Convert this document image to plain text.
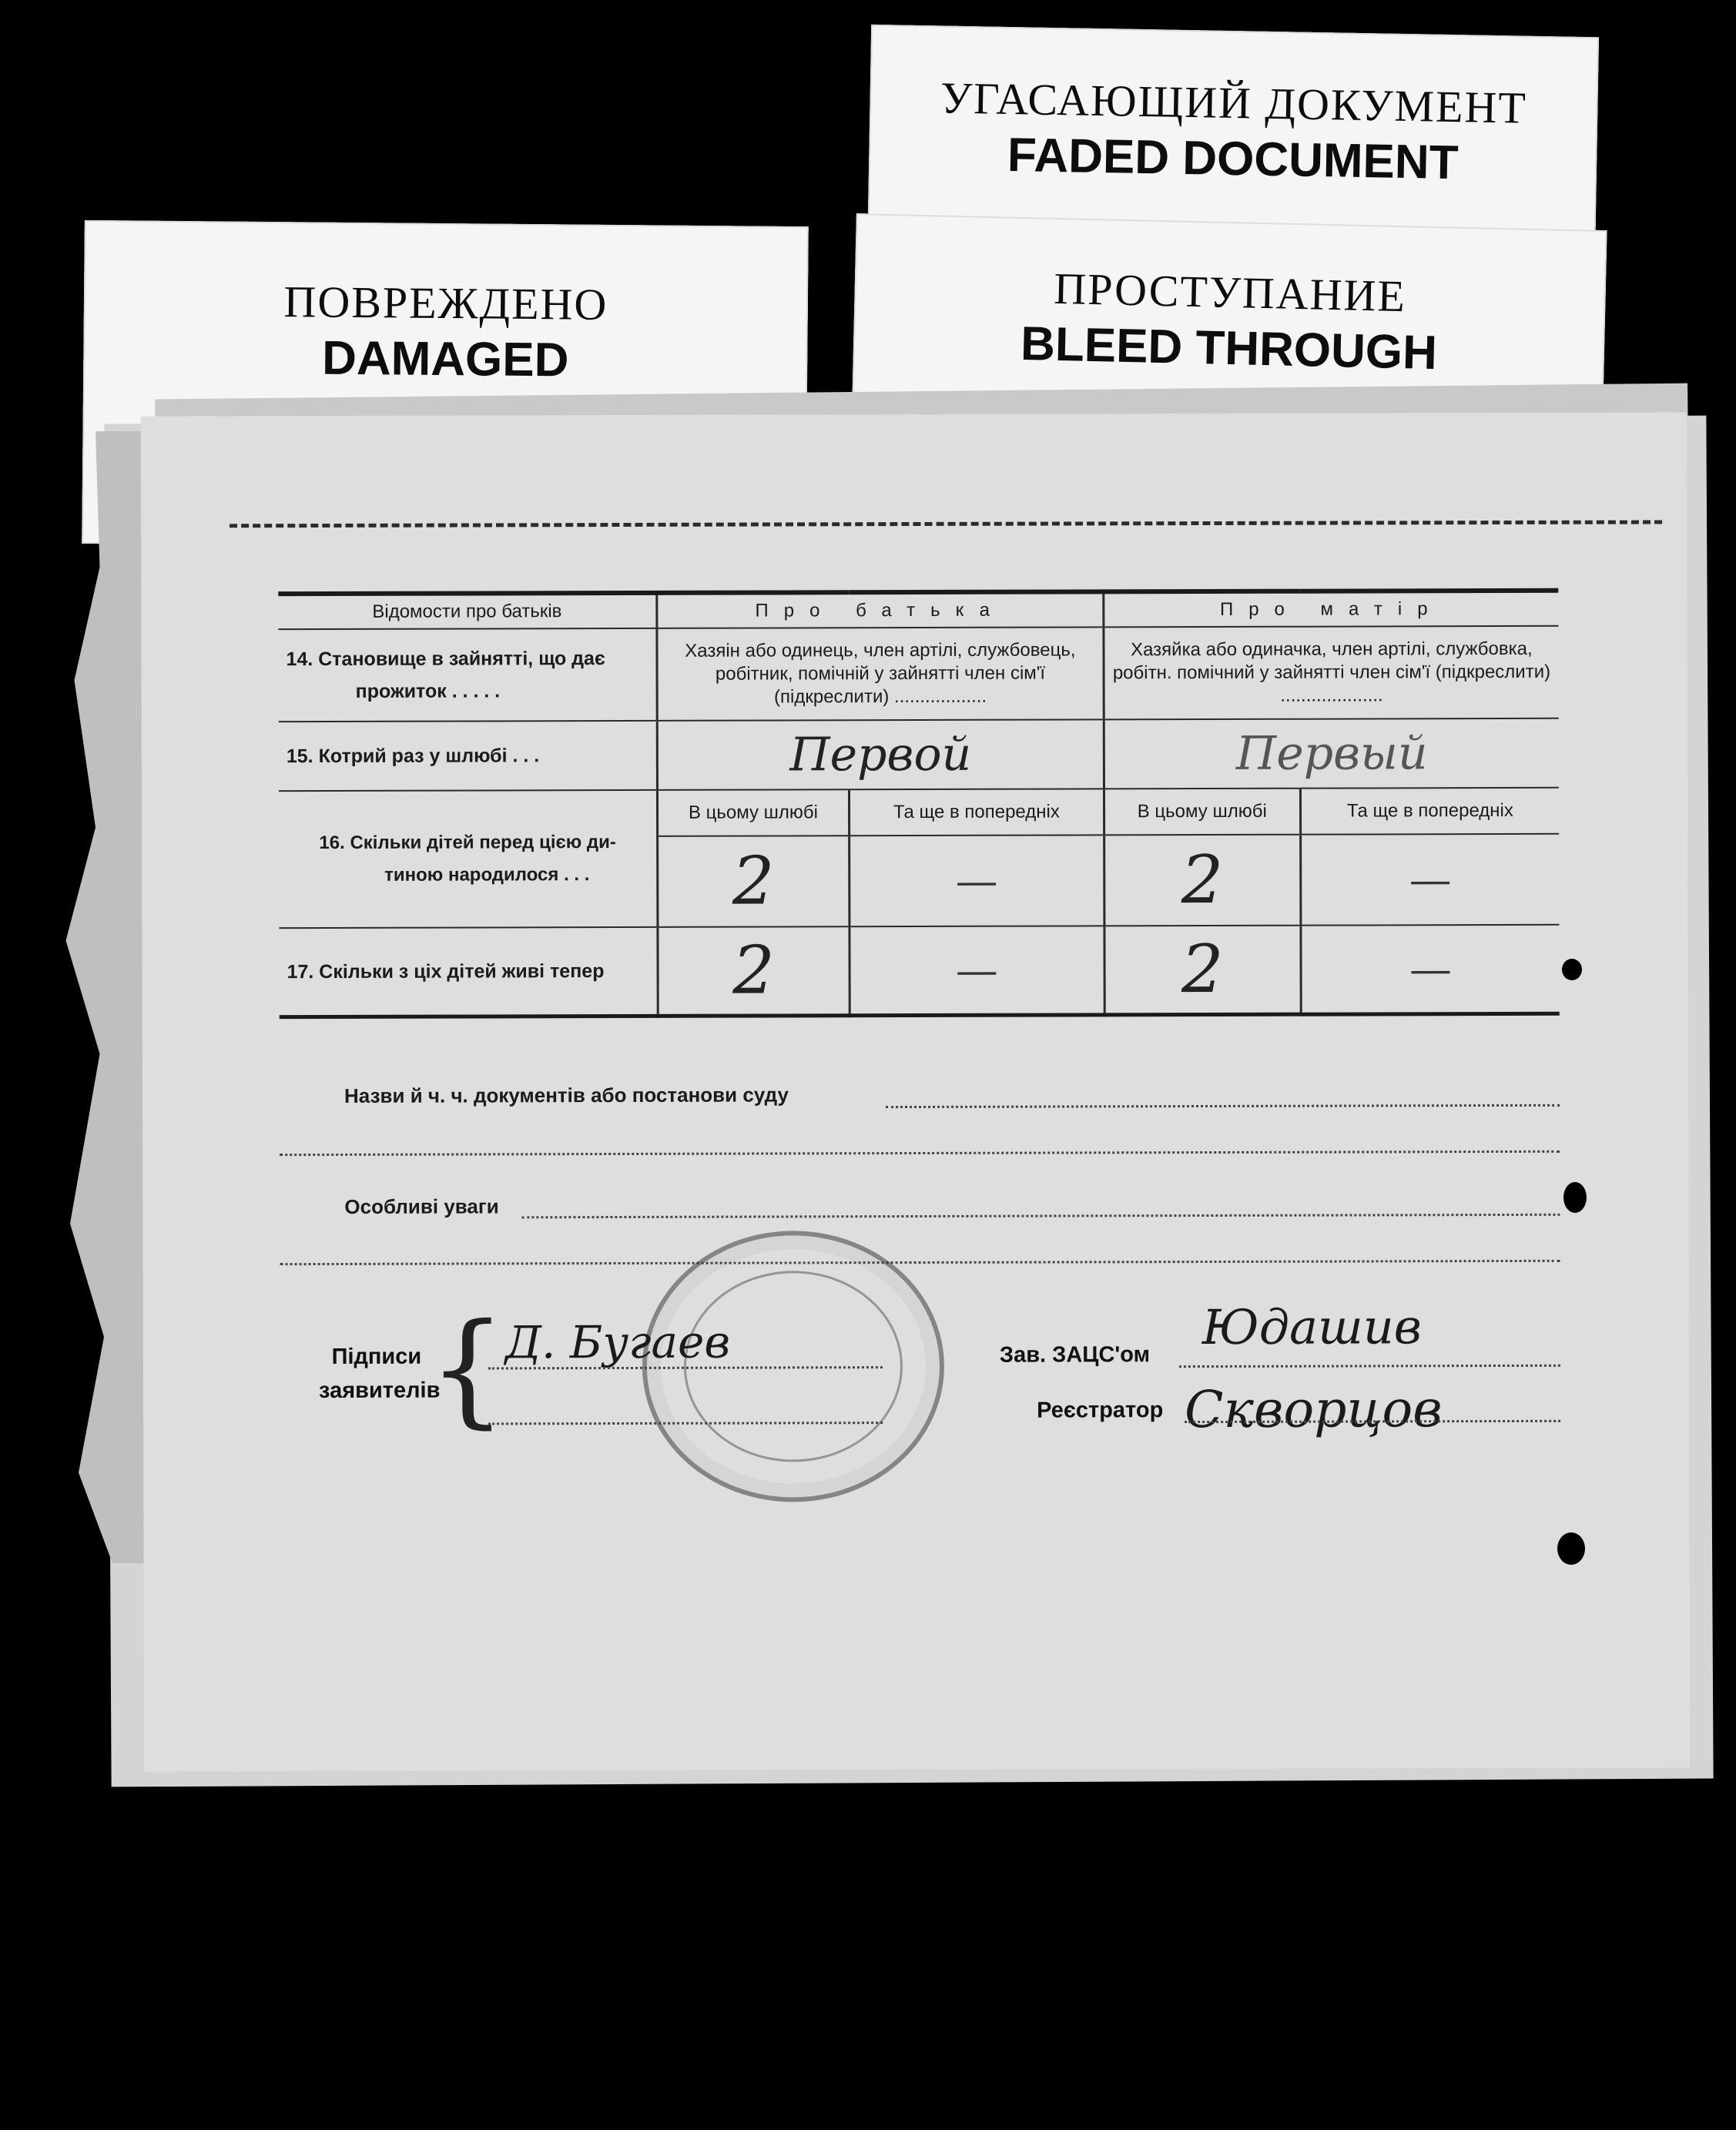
УГАСАЮЩИЙ ДОКУМЕНТ
FADED DOCUMENT
ПОВРЕЖДЕНО
DAMAGED
ПРОСТУПАНИЕ
BLEED THROUGH
Відомости про батьків	Про батька		Про матір	

14. Становище в зайнятті, що дає
прожиток . . . . .	Хазяін або одинець, член артілі, службовець, робітник, помічній у зайнятті член сім'ї (підкреслити) ..................		Хазяйка або одиначка, член артілі, службовка, робітн. помічний у зайнятті член сім'ї (підкреслити) ....................	
15. Котрий раз у шлюбі . . .	Первой		Первый	

16. Скільки дітей перед цією ди-
тиною народилося . . .	В цьому шлюбі	Та ще в попередніх	В цьому шлюбі	Та ще в попередніх
	2	—	2	—
17. Скільки з ціх дітей живі тепер	2	—	2	—
Назви й ч. ч. документів або постанови суду
Особливі уваги
Підписи
заявителів
{
Д. Бугаев	Зав. ЗАЦС'ом Юдашив
Реєстратор Скворцов
